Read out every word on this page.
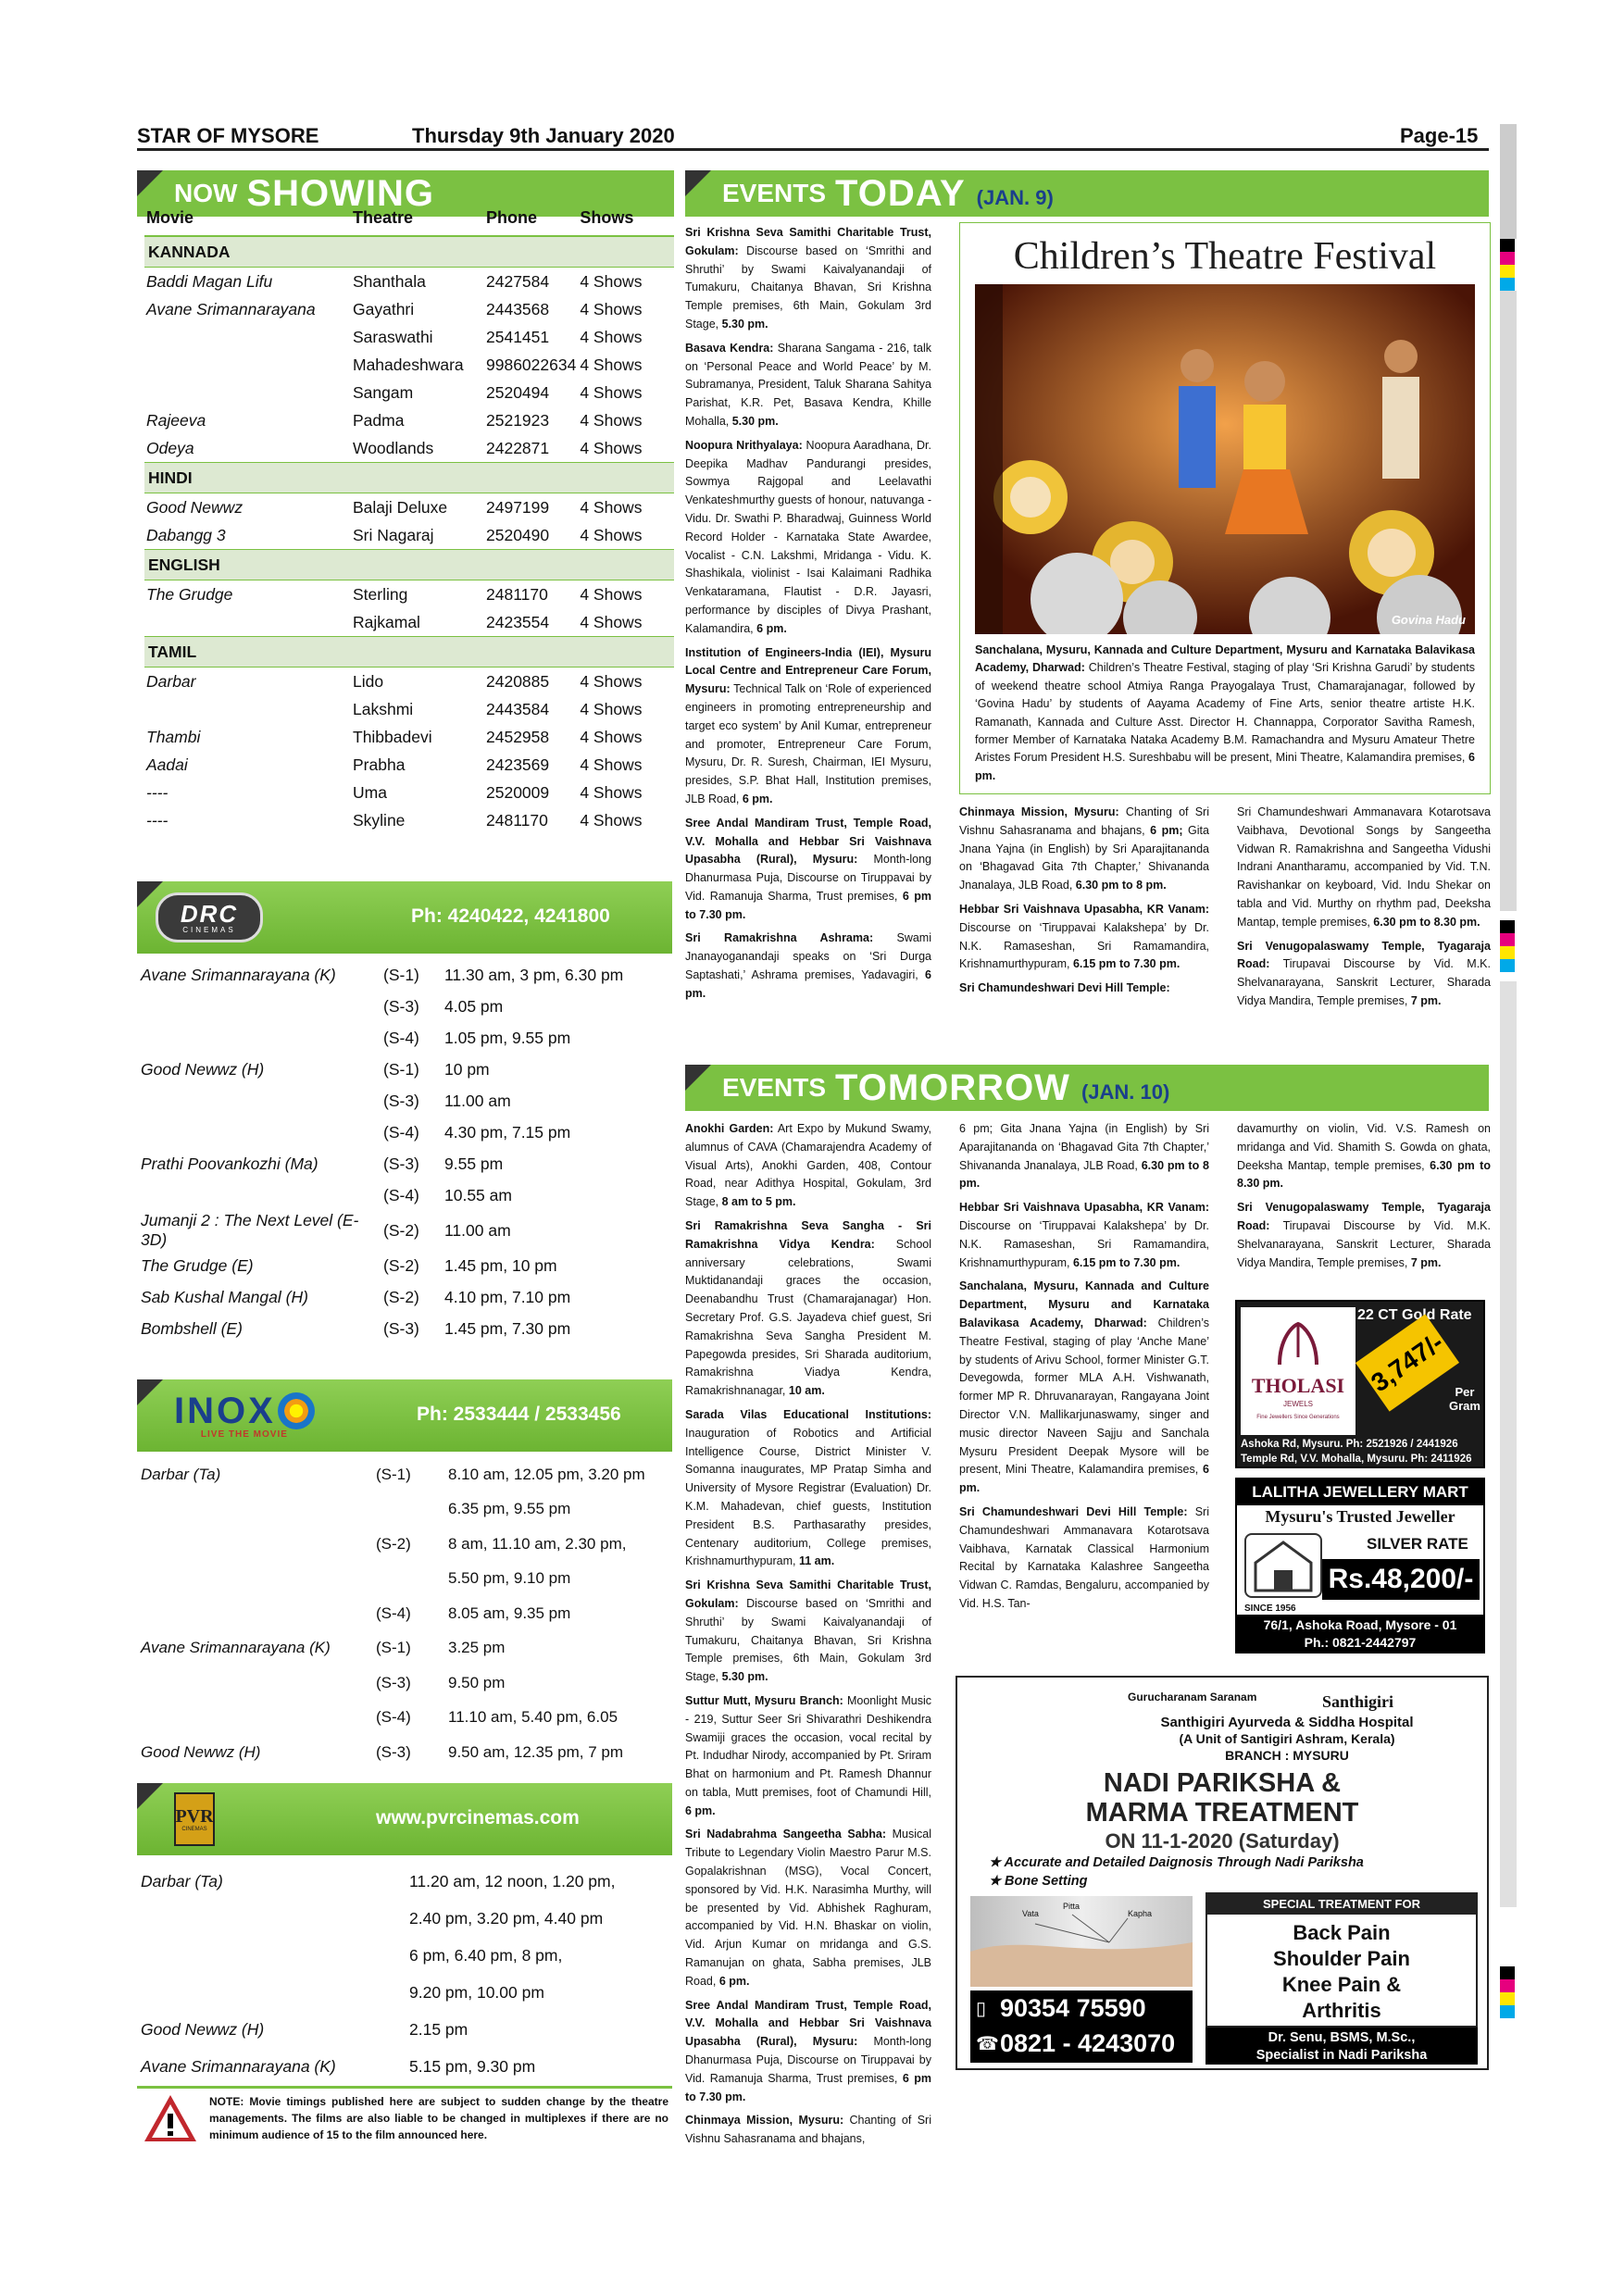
STAR OF MYSORE	Thursday 9th January 2020	Page-15
NOW SHOWING
Movie	Theatre	Phone	Shows
KANNADA			
Baddi Magan Lifu	Shanthala	2427584	4 Shows
Avane Srimannarayana	Gayathri	2443568	4 Shows
	Saraswathi	2541451	4 Shows
	Mahadeshwara	9986022634	4 Shows
	Sangam	2520494	4 Shows
Rajeeva	Padma	2521923	4 Shows
Odeya	Woodlands	2422871	4 Shows
HINDI			
Good Newwz	Balaji Deluxe	2497199	4 Shows
Dabangg 3	Sri Nagaraj	2520490	4 Shows
ENGLISH			
The Grudge	Sterling	2481170	4 Shows
	Rajkamal	2423554	4 Shows
TAMIL			
Darbar	Lido	2420885	4 Shows
	Lakshmi	2443584	4 Shows
Thambi	Thibbadevi	2452958	4 Shows
Aadai	Prabha	2423569	4 Shows
----	Uma	2520009	4 Shows
----	Skyline	2481170	4 Shows
DRC
CINEMAS
Ph: 4240422, 4241800
Avane Srimannarayana (K)	(S-1)	11.30 am, 3 pm, 6.30 pm
	(S-3)	4.05 pm
	(S-4)	1.05 pm, 9.55 pm
Good Newwz (H)	(S-1)	10 pm
	(S-3)	11.00 am
	(S-4)	4.30 pm, 7.15 pm
Prathi Poovankozhi (Ma)	(S-3)	9.55 pm
	(S-4)	10.55 am
Jumanji 2 : The Next Level (E-3D)	(S-2)	11.00 am
The Grudge (E)	(S-2)	1.45 pm, 10 pm
Sab Kushal Mangal (H)	(S-2)	4.10 pm, 7.10 pm
Bombshell (E)	(S-3)	1.45 pm, 7.30 pm
INOX
LIVE THE MOVIE
Ph: 2533444 / 2533456
Darbar (Ta)	(S-1)	8.10 am, 12.05 pm, 3.20 pm
		6.35 pm, 9.55 pm
	(S-2)	8 am, 11.10 am, 2.30 pm,
		5.50 pm, 9.10 pm
	(S-4)	8.05 am, 9.35 pm
Avane Srimannarayana (K)	(S-1)	3.25 pm
	(S-3)	9.50 pm
	(S-4)	11.10 am, 5.40 pm, 6.05
Good Newwz (H)	(S-3)	9.50 am, 12.35 pm, 7 pm
PVR
CINEMAS
www.pvrcinemas.com
Darbar (Ta)	11.20 am, 12 noon, 1.20 pm,
	2.40 pm, 3.20 pm, 4.40 pm
	6 pm, 6.40 pm, 8 pm,
	9.20 pm, 10.00 pm
Good Newwz (H)	2.15 pm
Avane Srimannarayana (K)	5.15 pm, 9.30 pm
NOTE: Movie timings published here are subject to sudden change by the theatre managements. The films are also liable to be changed in multiplexes if there are no minimum audience of 15 to the film announced here.
EVENTS TODAY (JAN. 9)

Sri Krishna Seva Samithi Charitable Trust, Gokulam: Discourse based on ‘Smrithi and Shruthi’ by Swami Kaivalyanandaji of Tumakuru, Chaitanya Bhavan, Sri Krishna Temple premises, 6th Main, Gokulam 3rd Stage, 5.30 pm.

Basava Kendra: Sharana Sangama - 216, talk on ‘Personal Peace and World Peace’ by M. Subramanya, President, Taluk Sharana Sahitya Parishat, K.R. Pet, Basava Kendra, Khille Mohalla, 5.30 pm.

Noopura Nrithyalaya: Noopura Aaradhana, Dr. Deepika Madhav Pandurangi presides, Sowmya Rajgopal and Leelavathi Venkateshmurthy guests of honour, natuvanga - Vidu. Dr. Swathi P. Bharadwaj, Guinness World Record Holder - Karnataka State Awardee, Vocalist - C.N. Lakshmi, Mridanga - Vidu. K. Shashikala, violinist - Isai Kalaimani Radhika Venkataramana, Flautist - D.R. Jayasri, performance by disciples of Divya Prashant, Kalamandira, 6 pm.

Institution of Engineers-India (IEI), Mysuru Local Centre and Entrepreneur Care Forum, Mysuru: Technical Talk on ‘Role of experienced engineers in promoting entrepreneurship and target eco system’ by Anil Kumar, entrepreneur and promoter, Entrepreneur Care Forum, Mysuru, Dr. R. Suresh, Chairman, IEI Mysuru, presides, S.P. Bhat Hall, Institution premises, JLB Road, 6 pm.

Sree Andal Mandiram Trust, Temple Road, V.V. Mohalla and Hebbar Sri Vaishnava Upasabha (Rural), Mysuru: Month-long Dhanurmasa Puja, Discourse on Tiruppavai by Vid. Ramanuja Sharma, Trust premises, 6 pm to 7.30 pm.

Sri Ramakrishna Ashrama: Swami Jnanayoganandaji speaks on ‘Sri Durga Saptashati,’ Ashrama premises, Yadavagiri, 6 pm.

Children’s Theatre Festival
Govina Hadu
Sanchalana, Mysuru, Kannada and Culture Department, Mysuru and Karnataka Balavikasa Academy, Dharwad: Children’s Theatre Festival, staging of play ‘Sri Krishna Garudi’ by students of weekend theatre school Atmiya Ranga Prayogalaya Trust, Chamarajanagar, followed by ‘Govina Hadu’ by students of Aayama Academy of Fine Arts, senior theatre artiste H.K. Ramanath, Kannada and Culture Asst. Director H. Channappa, Corporator Savitha Ramesh, former Member of Karnataka Nataka Academy B.M. Ramachandra and Mysuru Amateur Thetre Aristes Forum President H.S. Sureshbabu will be present, Mini Theatre, Kalamandira premises, 6 pm.

Chinmaya Mission, Mysuru: Chanting of Sri Vishnu Sahasranama and bhajans, 6 pm; Gita Jnana Yajna (in English) by Sri Aparajitananda on ‘Bhagavad Gita 7th Chapter,’ Shivananda Jnanalaya, JLB Road, 6.30 pm to 8 pm.

Hebbar Sri Vaishnava Upasabha, KR Vanam: Discourse on ‘Tiruppavai Kalakshepa’ by Dr. N.K. Ramaseshan, Sri Ramamandira, Krishnamurthypuram, 6.15 pm to 7.30 pm.

Sri Chamundeshwari Devi Hill Temple:

Sri Chamundeshwari Ammanavara Kotarotsava Vaibhava, Devotional Songs by Sangeetha Vidwan R. Ramakrishna and Sangeetha Vidushi Indrani Anantharamu, accompanied by Vid. T.N. Ravishankar on keyboard, Vid. Indu Shekar on tabla and Vid. Murthy on rhythm pad, Deeksha Mantap, temple premises, 6.30 pm to 8.30 pm.

Sri Venugopalaswamy Temple, Tyagaraja Road: Tirupavai Discourse by Vid. M.K. Shelvanarayana, Sanskrit Lecturer, Sharada Vidya Mandira, Temple premises, 7 pm.

EVENTS TOMORROW (JAN. 10)

Anokhi Garden: Art Expo by Mukund Swamy, alumnus of CAVA (Chamarajendra Academy of Visual Arts), Anokhi Garden, 408, Contour Road, near Adithya Hospital, Gokulam, 3rd Stage, 8 am to 5 pm.

Sri Ramakrishna Seva Sangha - Sri Ramakrishna Vidya Kendra: School anniversary celebrations, Swami Muktidanandaji graces the occasion, Deenabandhu Trust (Chamarajanagar) Hon. Secretary Prof. G.S. Jayadeva chief guest, Sri Ramakrishna Seva Sangha President M. Papegowda presides, Sri Sharada auditorium, Ramakrishna Viadya Kendra, Ramakrishnanagar, 10 am.

Sarada Vilas Educational Institutions: Inauguration of Robotics and Artificial Intelligence Course, District Minister V. Somanna inaugurates, MP Pratap Simha and University of Mysore Registrar (Evaluation) Dr. K.M. Mahadevan, chief guests, Institution President B.S. Parthasarathy presides, Centenary auditorium, College premises, Krishnamurthypuram, 11 am.

Sri Krishna Seva Samithi Charitable Trust, Gokulam: Discourse based on ‘Smrithi and Shruthi’ by Swami Kaivalyanandaji of Tumakuru, Chaitanya Bhavan, Sri Krishna Temple premises, 6th Main, Gokulam 3rd Stage, 5.30 pm.

Suttur Mutt, Mysuru Branch: Moonlight Music - 219, Suttur Seer Sri Shivarathri Deshikendra Swamiji graces the occasion, vocal recital by Pt. Indudhar Nirody, accompanied by Pt. Sriram Bhat on harmonium and Pt. Ramesh Dhannur on tabla, Mutt premises, foot of Chamundi Hill, 6 pm.

Sri Nadabrahma Sangeetha Sabha: Musical Tribute to Legendary Violin Maestro Parur M.S. Gopalakrishnan (MSG), Vocal Concert, sponsored by Vid. H.K. Narasimha Murthy, will be presented by Vid. Abhishek Raghuram, accompanied by Vid. H.N. Bhaskar on violin, Vid. Arjun Kumar on mridanga and G.S. Ramanujan on ghata, Sabha premises, JLB Road, 6 pm.

Sree Andal Mandiram Trust, Temple Road, V.V. Mohalla and Hebbar Sri Vaishnava Upasabha (Rural), Mysuru: Month-long Dhanurmasa Puja, Discourse on Tiruppavai by Vid. Ramanuja Sharma, Trust premises, 6 pm to 7.30 pm.

Chinmaya Mission, Mysuru: Chanting of Sri Vishnu Sahasranama and bhajans,

6 pm; Gita Jnana Yajna (in English) by Sri Aparajitananda on ‘Bhagavad Gita 7th Chapter,’ Shivananda Jnanalaya, JLB Road, 6.30 pm to 8 pm.

Hebbar Sri Vaishnava Upasabha, KR Vanam: Discourse on ‘Tiruppavai Kalakshepa’ by Dr. N.K. Ramaseshan, Sri Ramamandira, Krishnamurthypuram, 6.15 pm to 7.30 pm.

Sanchalana, Mysuru, Kannada and Culture Department, Mysuru and Karnataka Balavikasa Academy, Dharwad: Children’s Theatre Festival, staging of play ‘Anche Mane’ by students of Arivu School, former Minister G.T. Devegowda, former MLA A.H. Vishwanath, former MP R. Dhruvanarayan, Rangayana Joint Director V.N. Mallikarjunaswamy, singer and music director Naveen Sajju and Sanchala Mysuru President Deepak Mysore will be present, Mini Theatre, Kalamandira premises, 6 pm.

Sri Chamundeshwari Devi Hill Temple: Sri Chamundeshwari Ammanavara Kotarotsava Vaibhava, Karnatak Classical Harmonium Recital by Karnataka Kalashree Sangeetha Vidwan C. Ramdas, Bengaluru, accompanied by Vid. H.S. Tan-

davamurthy on violin, Vid. V.S. Ramesh on mridanga and Vid. Shamith S. Gowda on ghata, Deeksha Mantap, temple premises, 6.30 pm to 8.30 pm.

Sri Venugopalaswamy Temple, Tyagaraja Road: Tirupavai Discourse by Vid. M.K. Shelvanarayana, Sanskrit Lecturer, Sharada Vidya Mandira, Temple premises, 7 pm.

22 CT Gold Rate
THOLASI
JEWELS
Fine Jewellers Since Generations
3,747/- Per Gram
Ashoka Rd, Mysuru. Ph: 2521926 / 2441926
Temple Rd, V.V. Mohalla, Mysuru. Ph: 2411926
LALITHA JEWELLERY MART
Mysuru's Trusted Jeweller
SILVER RATE
SINCE 1956
Rs.48,200/-
76/1, Ashoka Road, Mysore - 01
Ph.: 0821-2442797
Gurucharanam Saranam	Santhigiri
Santhigiri Ayurveda & Siddha Hospital
(A Unit of Santigiri Ashram, Kerala)
BRANCH : MYSURU
NADI PARIKSHA &
MARMA TREATMENT
ON 11-1-2020 (Saturday)
★ Accurate and Detailed Daignosis Through Nadi Pariksha
★ Bone Setting
Vata
Pitta
Kapha
SPECIAL TREATMENT FOR
Back Pain
Shoulder Pain
Knee Pain &
Arthritis
▯ 90354 75590
☎ 0821 - 4243070	Dr. Senu, BSMS, M.Sc.,
Specialist in Nadi Pariksha
